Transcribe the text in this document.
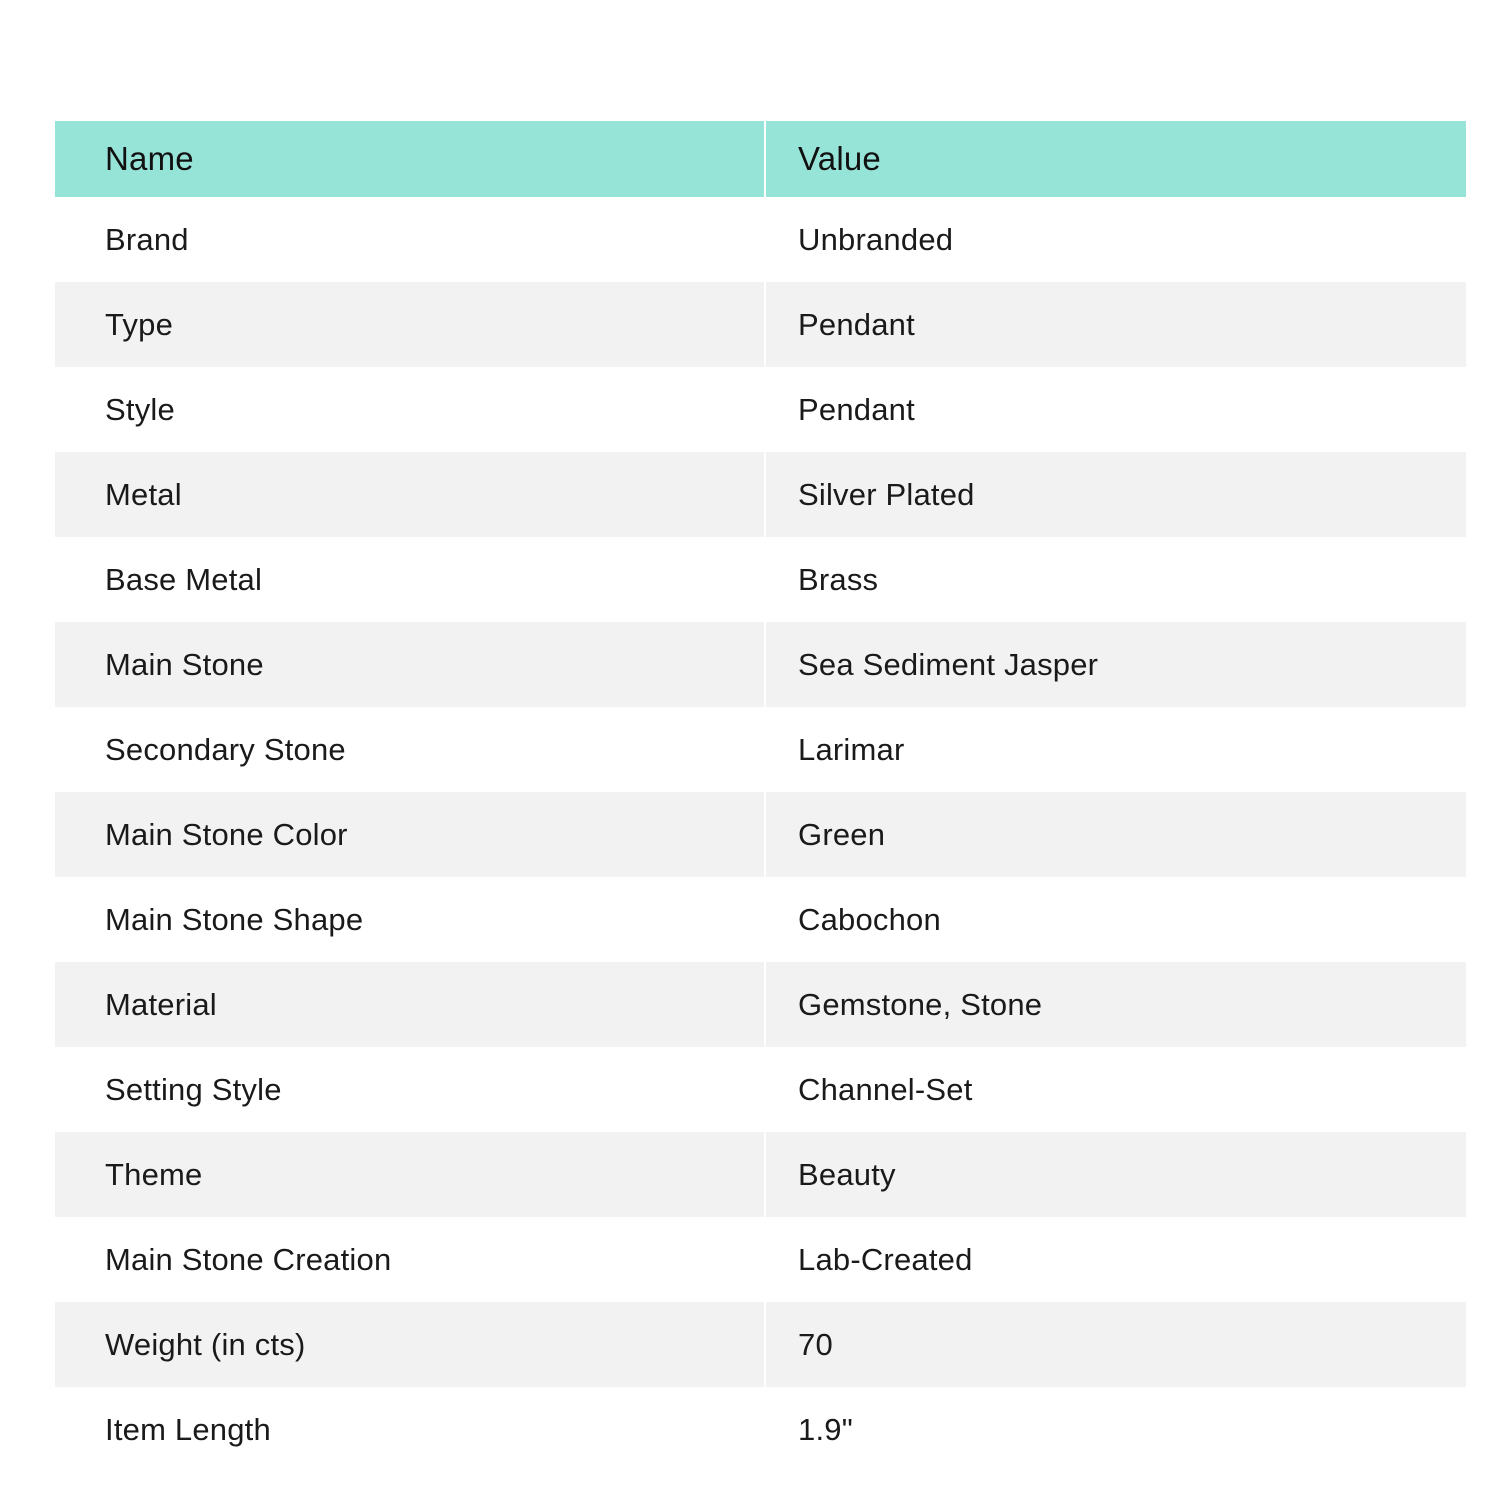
Name	Value
Brand	Unbranded
Type	Pendant
Style	Pendant
Metal	Silver Plated
Base Metal	Brass
Main Stone	Sea Sediment Jasper
Secondary Stone	Larimar
Main Stone Color	Green
Main Stone Shape	Cabochon
Material	Gemstone, Stone
Setting Style	Channel-Set
Theme	Beauty
Main Stone Creation	Lab-Created
Weight (in cts)	70
Item Length	1.9"
